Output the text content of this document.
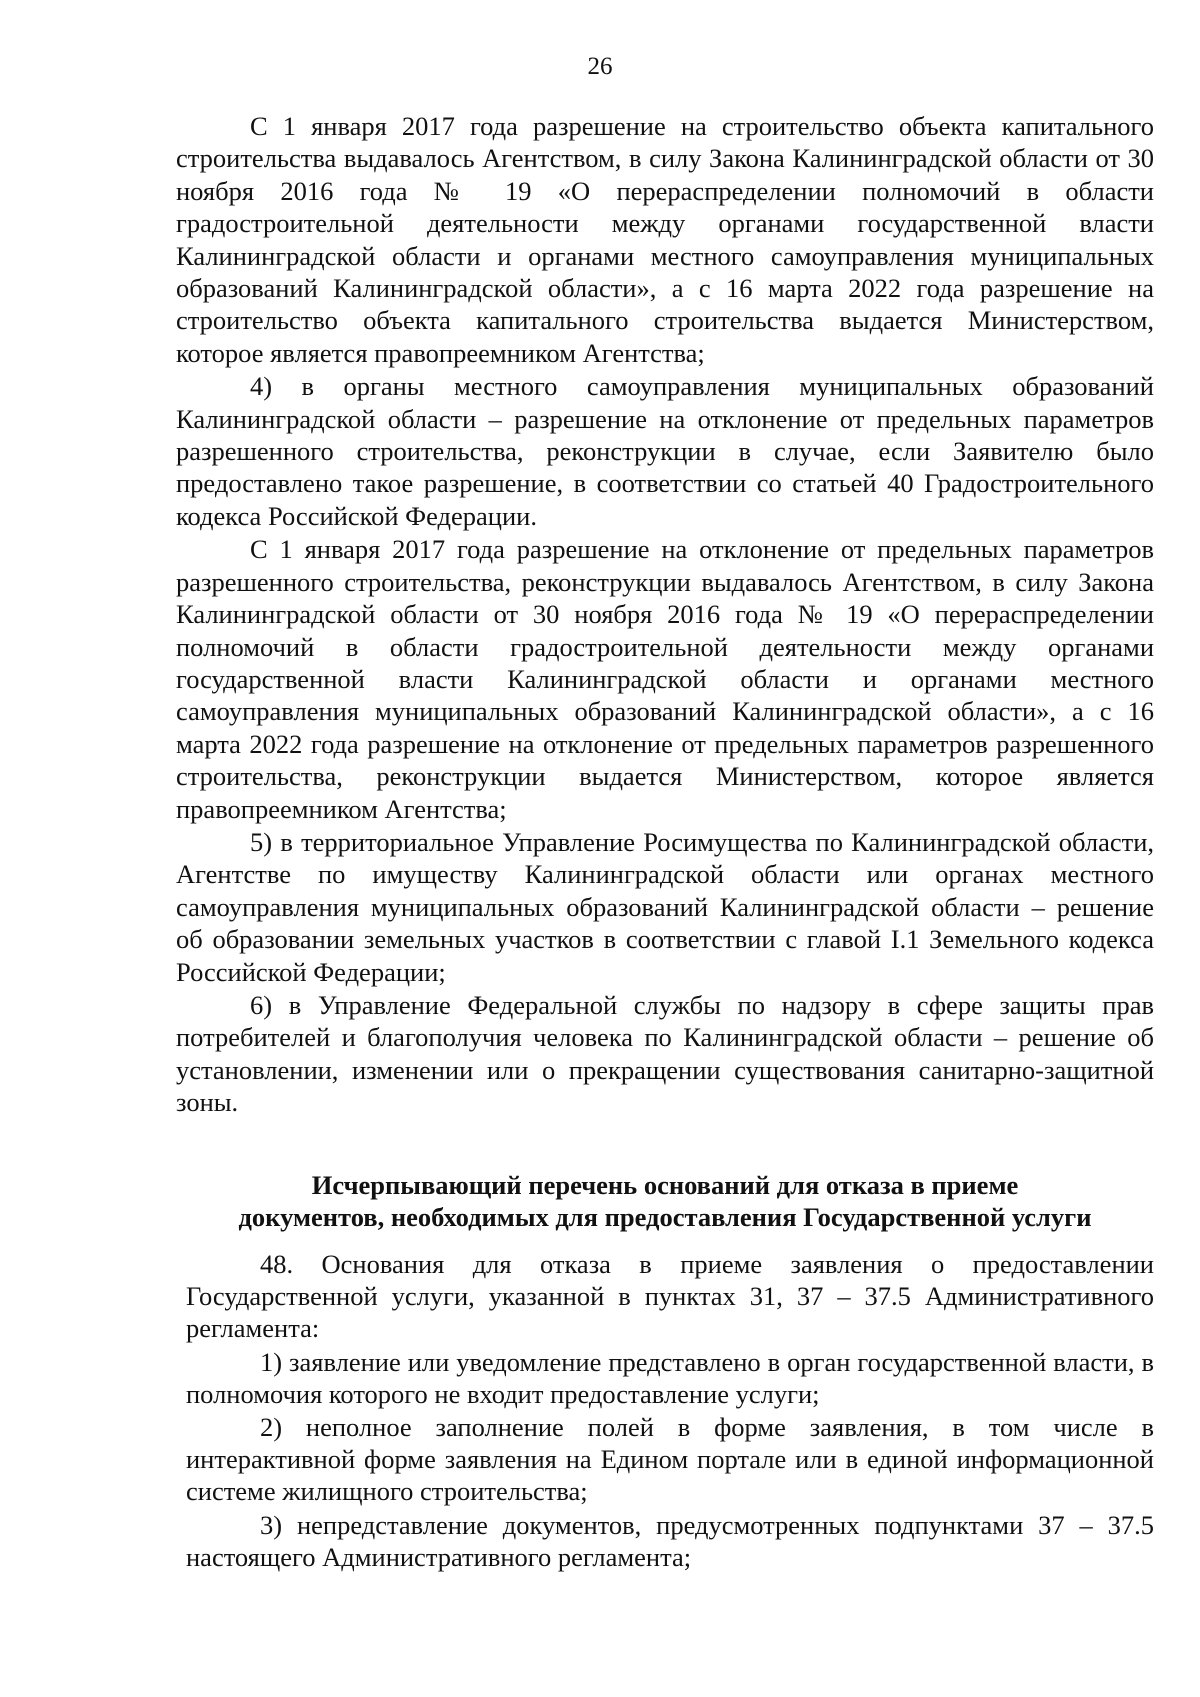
26

С 1 января 2017 года разрешение на строительство объекта капитального строительства выдавалось Агентством, в силу Закона Калининградской области от 30 ноября 2016 года № 19 «О перераспределении полномочий в области градостроительной деятельности между органами государственной власти Калининградской области и органами местного самоуправления муниципальных образований Калининградской области», а с 16 марта 2022 года разрешение на строительство объекта капитального строительства выдается Министерством, которое является правопреемником Агентства;

4) в органы местного самоуправления муниципальных образований Калининградской области – разрешение на отклонение от предельных параметров разрешенного строительства, реконструкции в случае, если Заявителю было предоставлено такое разрешение, в соответствии со статьей 40 Градостроительного кодекса Российской Федерации.

С 1 января 2017 года разрешение на отклонение от предельных параметров разрешенного строительства, реконструкции выдавалось Агентством, в силу Закона Калининградской области от 30 ноября 2016 года № 19 «О перераспределении полномочий в области градостроительной деятельности между органами государственной власти Калининградской области и органами местного самоуправления муниципальных образований Калининградской области», а с 16 марта 2022 года разрешение на отклонение от предельных параметров разрешенного строительства, реконструкции выдается Министерством, которое является правопреемником Агентства;

5) в территориальное Управление Росимущества по Калининградской области, Агентстве по имуществу Калининградской области или органах местного самоуправления муниципальных образований Калининградской области – решение об образовании земельных участков в соответствии с главой I.1 Земельного кодекса Российской Федерации;

6) в Управление Федеральной службы по надзору в сфере защиты прав потребителей и благополучия человека по Калининградской области – решение об установлении, изменении или о прекращении существования санитарно-защитной зоны.

Исчерпывающий перечень оснований для отказа в приеме
документов, необходимых для предоставления Государственной услуги

48. Основания для отказа в приеме заявления о предоставлении Государственной услуги, указанной в пунктах 31, 37 – 37.5 Административного регламента:

1) заявление или уведомление представлено в орган государственной власти, в полномочия которого не входит предоставление услуги;

2) неполное заполнение полей в форме заявления, в том числе в интерактивной форме заявления на Едином портале или в единой информационной системе жилищного строительства;

3) непредставление документов, предусмотренных подпунктами 37 – 37.5 настоящего Административного регламента;
